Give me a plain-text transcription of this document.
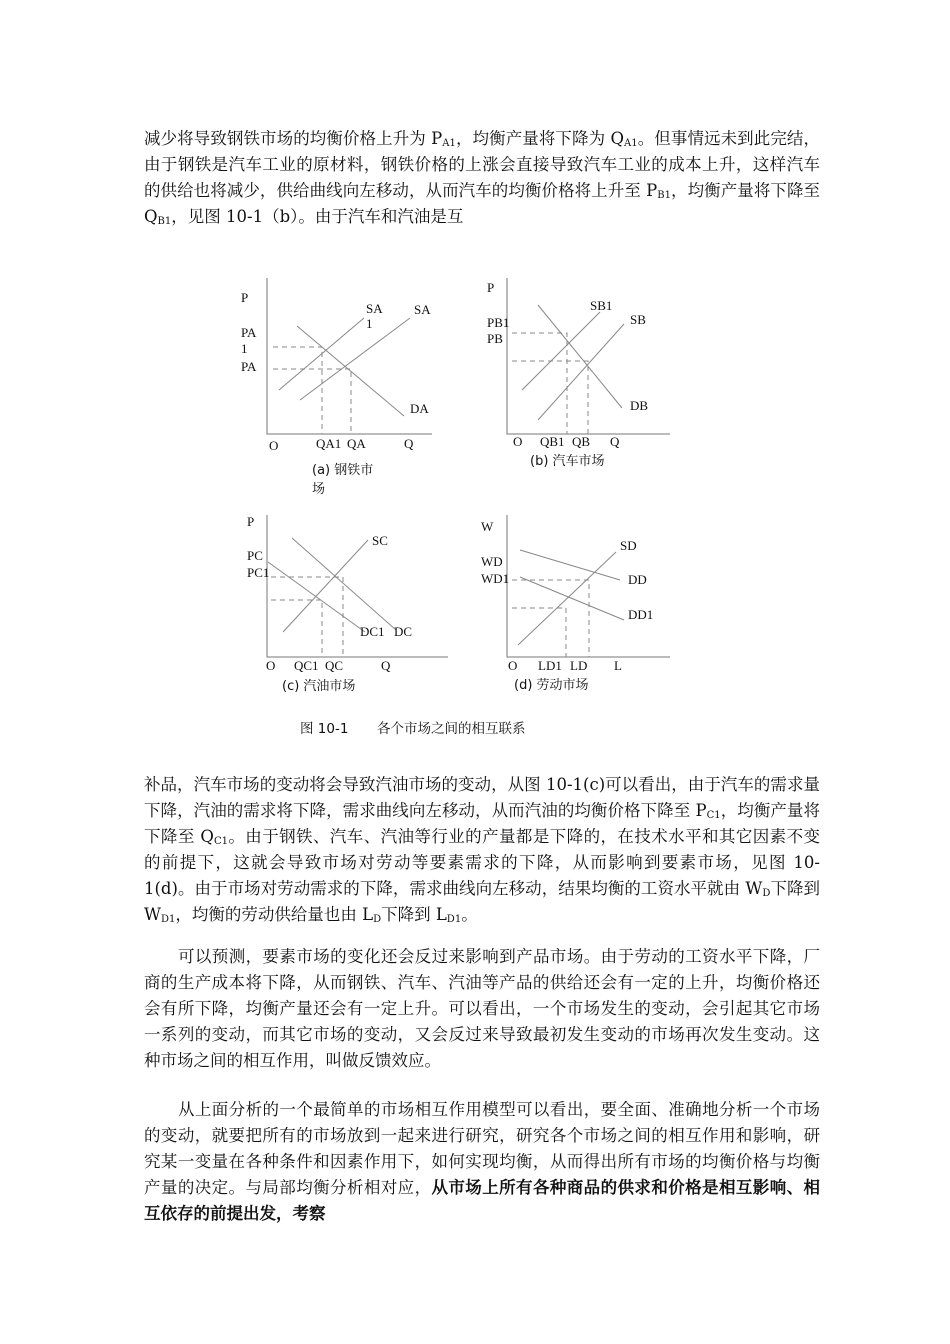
减少将导致钢铁市场的均衡价格上升为 $P_{A1}$，均衡产量将下降为 $Q_{A1}$。但事情远未到此完结，由于钢铁是汽车工业的原材料，钢铁价格的上涨会直接导致汽车工业的成本上升，这样汽车的供给也将减少，供给曲线向左移动，从而汽车的均衡价格将上升至 $P_{B1}$，均衡产量将下降至 $Q_{B1}$，见图 10-1（b）。由于汽车和汽油是互

P
PA
1
PA
SA
1
SA
DA
O	QA1 QA	Q
(a) 钢铁市
场
P
PB1
PB
SB1
SB
DB
O QB1 QB Q
(b) 汽车市场
P
PC
PC1
SC
DC1 DC
O QC1 QC	Q
(c) 汽油市场
W
WD
WD1
SD
DD
DD1
O LD1 LD L
(d) 劳动市场
图 10-1 各个市场之间的相互联系

补品，汽车市场的变动将会导致汽油市场的变动，从图 10-1(c)可以看出，由于汽车的需求量下降，汽油的需求将下降，需求曲线向左移动，从而汽油的均衡价格下降至 $P_{C1}$，均衡产量将下降至 $Q_{C1}$。由于钢铁、汽车、汽油等行业的产量都是下降的，在技术水平和其它因素不变的前提下，这就会导致市场对劳动等要素需求的下降，从而影响到要素市场，见图 10-1(d)。由于市场对劳动需求的下降，需求曲线向左移动，结果均衡的工资水平就由 $W_D$下降到 $W_{D1}$，均衡的劳动供给量也由 $L_D$下降到 $L_{D1}$。

可以预测，要素市场的变化还会反过来影响到产品市场。由于劳动的工资水平下降，厂商的生产成本将下降，从而钢铁、汽车、汽油等产品的供给还会有一定的上升，均衡价格还会有所下降，均衡产量还会有一定上升。可以看出，一个市场发生的变动，会引起其它市场一系列的变动，而其它市场的变动，又会反过来导致最初发生变动的市场再次发生变动。这种市场之间的相互作用，叫做反馈效应。

从上面分析的一个最简单的市场相互作用模型可以看出，要全面、准确地分析一个市场的变动，就要把所有的市场放到一起来进行研究，研究各个市场之间的相互作用和影响，研究某一变量在各种条件和因素作用下，如何实现均衡，从而得出所有市场的均衡价格与均衡产量的决定。与局部均衡分析相对应，从市场上所有各种商品的供求和价格是相互影响、相互依存的前提出发，考察
